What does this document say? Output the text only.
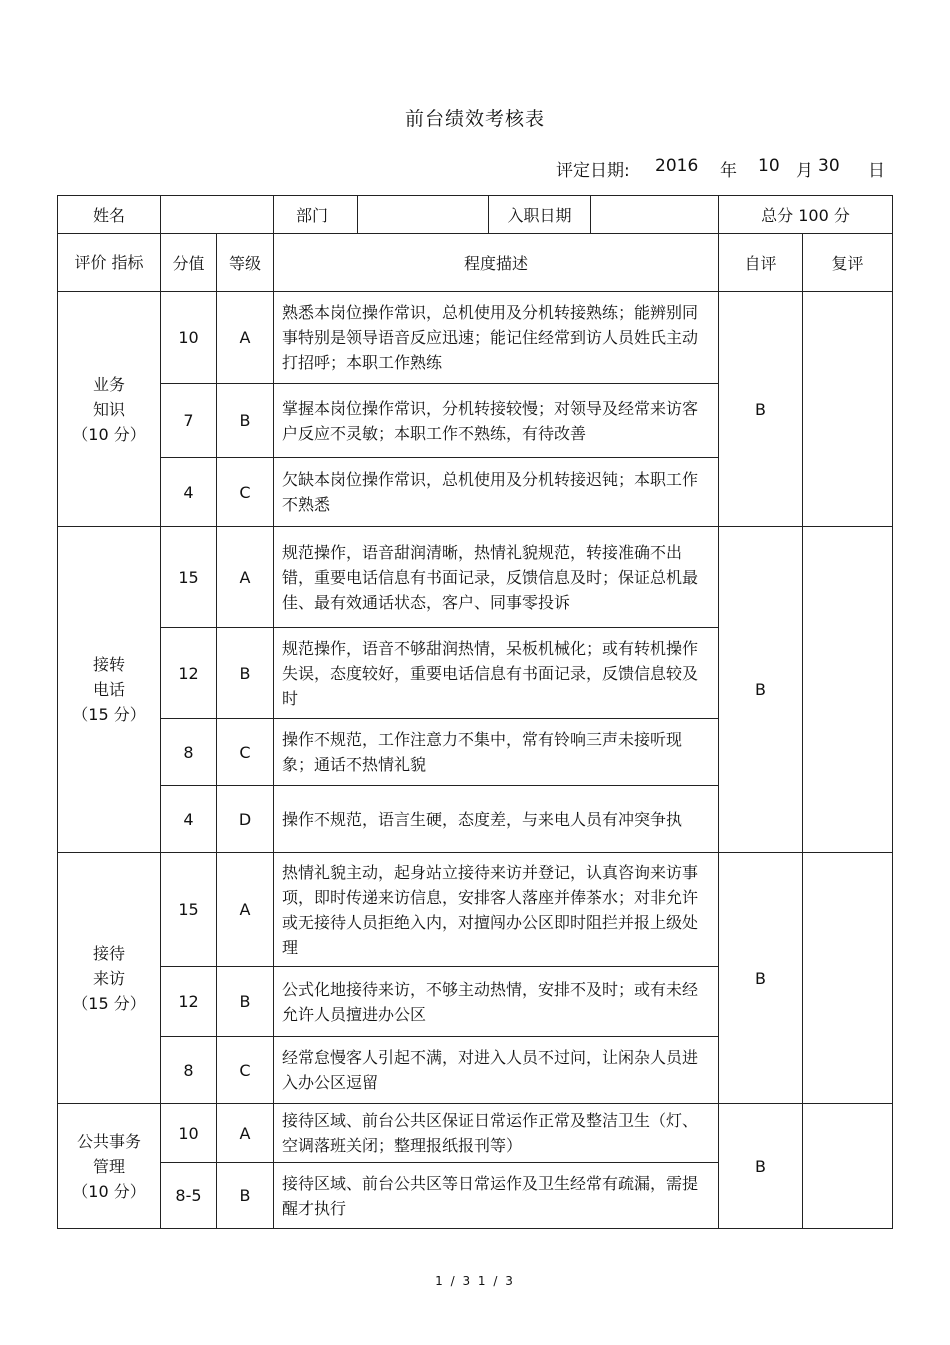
前台绩效考核表
评定日期: 2016 年 10 月 30 日
姓名			部门		入职日期		总分 100 分	
评价 指标	分值	等级	程度描述				自评	复评
业务
知识
（10 分）	10	A	熟悉本岗位操作常识，总机使用及分机转接熟练；能辨别同事特别是领导语音反应迅速；能记住经常到访人员姓氏主动打招呼；本职工作熟练				B	
	7	B	掌握本岗位操作常识，分机转接较慢；对领导及经常来访客户反应不灵敏；本职工作不熟练，有待改善					
	4	C	欠缺本岗位操作常识，总机使用及分机转接迟钝；本职工作不熟悉					
接转
电话
（15 分）	15	A	规范操作，语音甜润清晰，热情礼貌规范，转接准确不出错，重要电话信息有书面记录，反馈信息及时；保证总机最佳、最有效通话状态，客户、同事零投诉				B	
	12	B	规范操作，语音不够甜润热情，呆板机械化；或有转机操作失误，态度较好，重要电话信息有书面记录，反馈信息较及时					
	8	C	操作不规范，工作注意力不集中，常有铃响三声未接听现象；通话不热情礼貌					
	4	D	操作不规范，语言生硬，态度差，与来电人员有冲突争执					
接待
来访
（15 分）	15	A	热情礼貌主动，起身站立接待来访并登记，认真咨询来访事项，即时传递来访信息，安排客人落座并俸茶水；对非允许或无接待人员拒绝入内，对擅闯办公区即时阻拦并报上级处理				B	
	12	B	公式化地接待来访，不够主动热情，安排不及时；或有未经允许人员擅进办公区					
	8	C	经常怠慢客人引起不满，对进入人员不过问，让闲杂人员进入办公区逗留					
公共事务
管理
（10 分）	10	A	接待区域、前台公共区保证日常运作正常及整洁卫生（灯、空调落班关闭；整理报纸报刊等）				B	
	8-5	B	接待区域、前台公共区等日常运作及卫生经常有疏漏，需提醒才执行					
1 / 3 1 / 3
